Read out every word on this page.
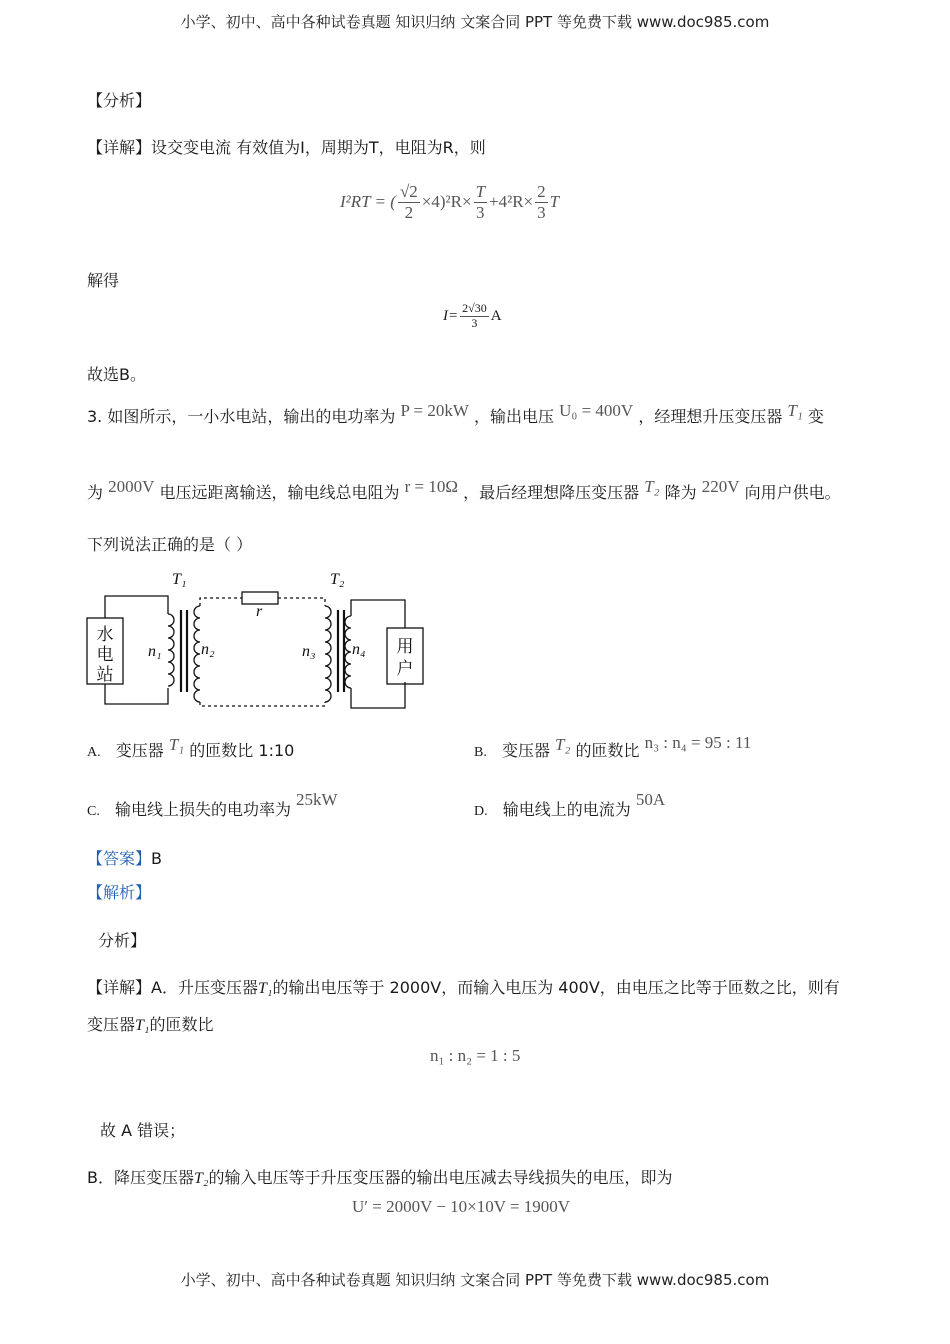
小学、初中、高中各种试卷真题 知识归纳 文案合同 PPT 等免费下载 www.doc985.com
【分析】
【详解】设交变电流 有效值为I，周期为T，电阻为R，则
I²RT = ( $\frac{√2}{2} \times 4)^2R\times \frac{T}{3} +4^2R\times \frac{2}{3}$ T
解得
$I= \frac{2√30}{3}$ A
故选B。
3. 如图所示，一小水电站，输出的电功率为 P = 20kW ，输出电压 U₀ = 400V ，经理想升压变压器 T₁ 变
为 2000V 电压远距离输送，输电线总电阻为 r = 10Ω ，最后经理想降压变压器 T₂ 降为 220V 向用户供电。
下列说法正确的是（ ）
T₁	T₂
r
n₁ n₂	n₃ n₄
水
电
站
用
户
A. 变压器 T₁ 的匝数比 1:10	B. 变压器 T₂ 的匝数比 n₃ : n₄ = 95 : 11
C. 输电线上损失的电功率为 25kW
D. 输电线上的电流为 50A
【答案】B
【解析】
分析】
【详解】A．升压变压器T₁的输出电压等于 2000V，而输入电压为 400V，由电压之比等于匝数之比，则有
变压器T₁的匝数比
n₁ : n₂ = 1 : 5
故 A 错误；
B．降压变压器T₂的输入电压等于升压变压器的输出电压减去导线损失的电压，即为
U′ = 2000V − 10×10V = 1900V
小学、初中、高中各种试卷真题 知识归纳 文案合同 PPT 等免费下载 www.doc985.com
